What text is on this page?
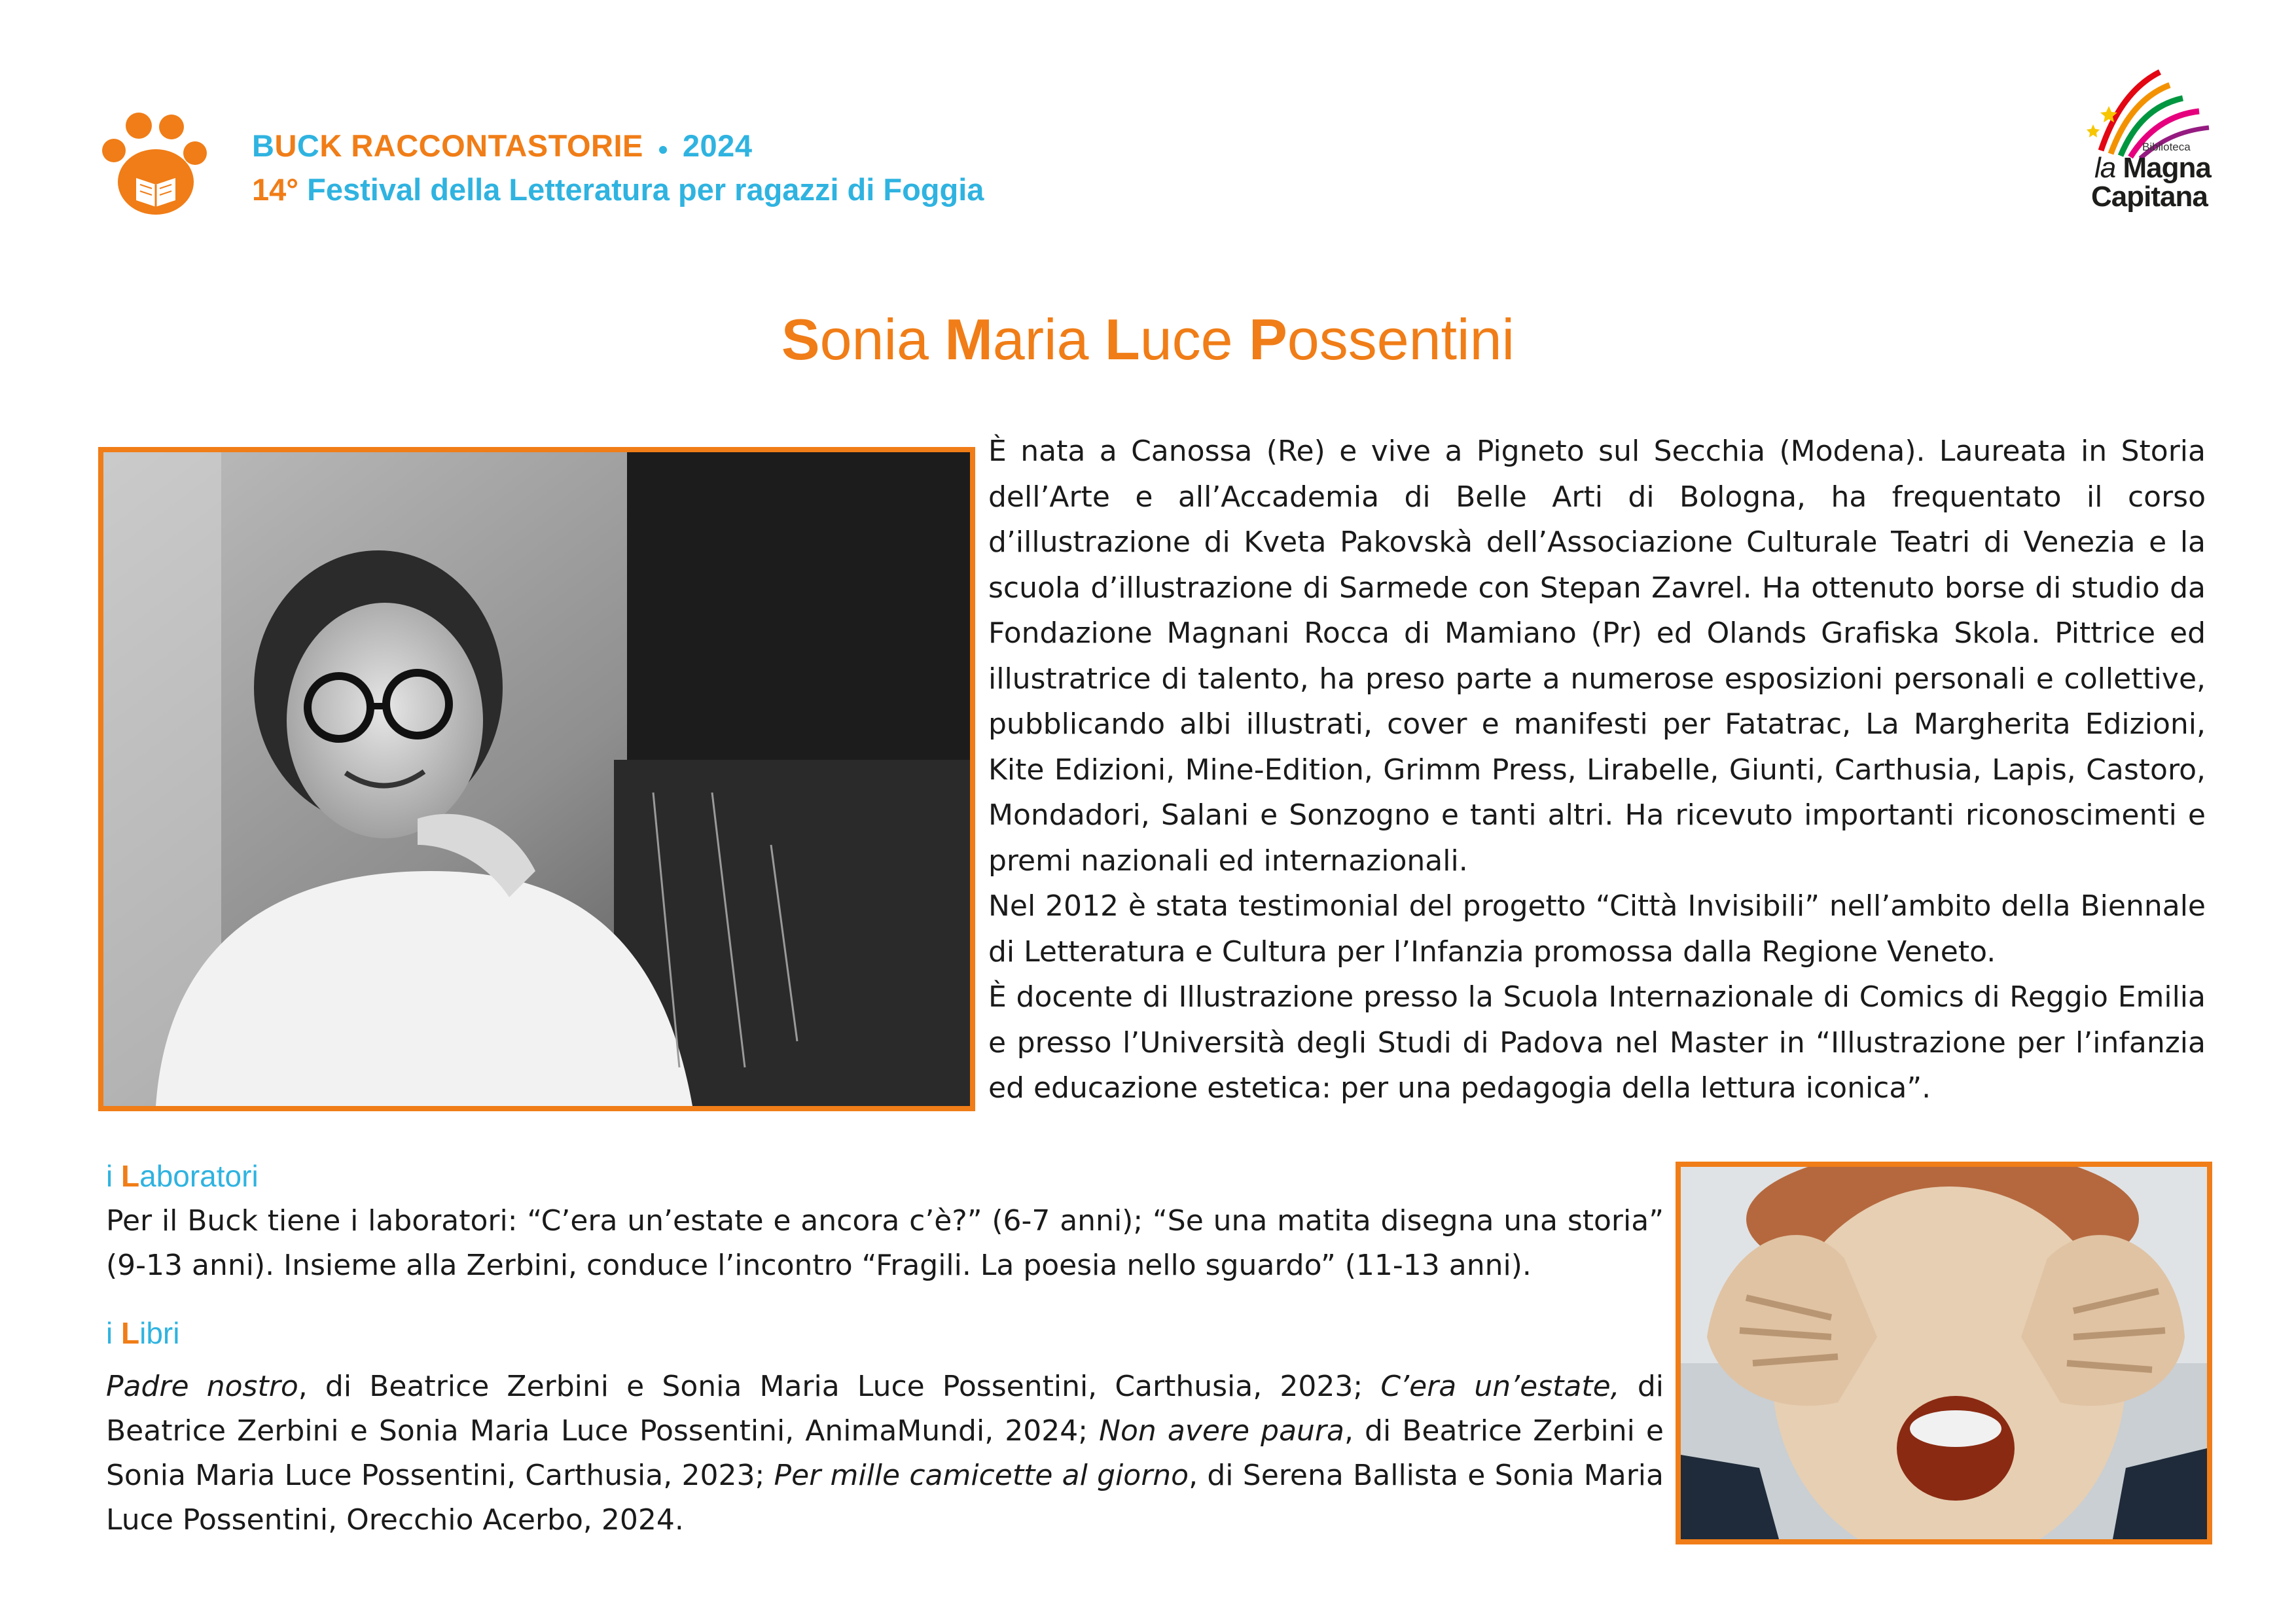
BUCK RACCONTASTORIE 2024
14° Festival della Letteratura per ragazzi di Foggia
Biblioteca
la Magna
Capitana
Sonia Maria Luce Possentini

È nata a Canossa (Re) e vive a Pigneto sul Secchia (Modena). Laureata in Storia dell’Arte e all’Accademia di Belle Arti di Bologna, ha frequentato il corso d’illustrazione di Kveta Pakovskà dell’Associazione Culturale Teatri di Venezia e la scuola d’illustrazione di Sarmede con Stepan Zavrel. Ha ottenuto borse di studio da Fondazione Magnani Rocca di Mamiano (Pr) ed Olands Grafiska Skola. Pittrice ed illustratrice di talento, ha preso parte a numerose esposizioni personali e collettive, pubblicando albi illustrati, cover e manifesti per Fatatrac, La Margherita Edizioni, Kite Edizioni, Mine-Edition, Grimm Press, Lirabelle, Giunti, Carthusia, Lapis, Castoro, Mondadori, Salani e Sonzogno e tanti altri. Ha ricevuto importanti riconoscimenti e premi nazionali ed internazionali.

Nel 2012 è stata testimonial del progetto “Città Invisibili” nell’ambito della Biennale di Letteratura e Cultura per l’Infanzia promossa dalla Regione Veneto.

È docente di Illustrazione presso la Scuola Internazionale di Comics di Reggio Emilia e presso l’Università degli Studi di Padova nel Master in “Illustrazione per l’infanzia ed educazione estetica: per una pedagogia della lettura iconica”.

i Laboratori
Per il Buck tiene i laboratori: “C’era un’estate e ancora c’è?” (6-7 anni); “Se una matita disegna una storia” (9-13 anni). Insieme alla Zerbini, conduce l’incontro “Fragili. La poesia nello sguardo” (11-13 anni).
i Libri
Padre nostro, di Beatrice Zerbini e Sonia Maria Luce Possentini, Carthusia, 2023; C’era un’estate, di Beatrice Zerbini e Sonia Maria Luce Possentini, AnimaMundi, 2024; Non avere paura, di Beatrice Zerbini e Sonia Maria Luce Possentini, Carthusia, 2023; Per mille camicette al giorno, di Serena Ballista e Sonia Maria Luce Possentini, Orecchio Acerbo, 2024.
